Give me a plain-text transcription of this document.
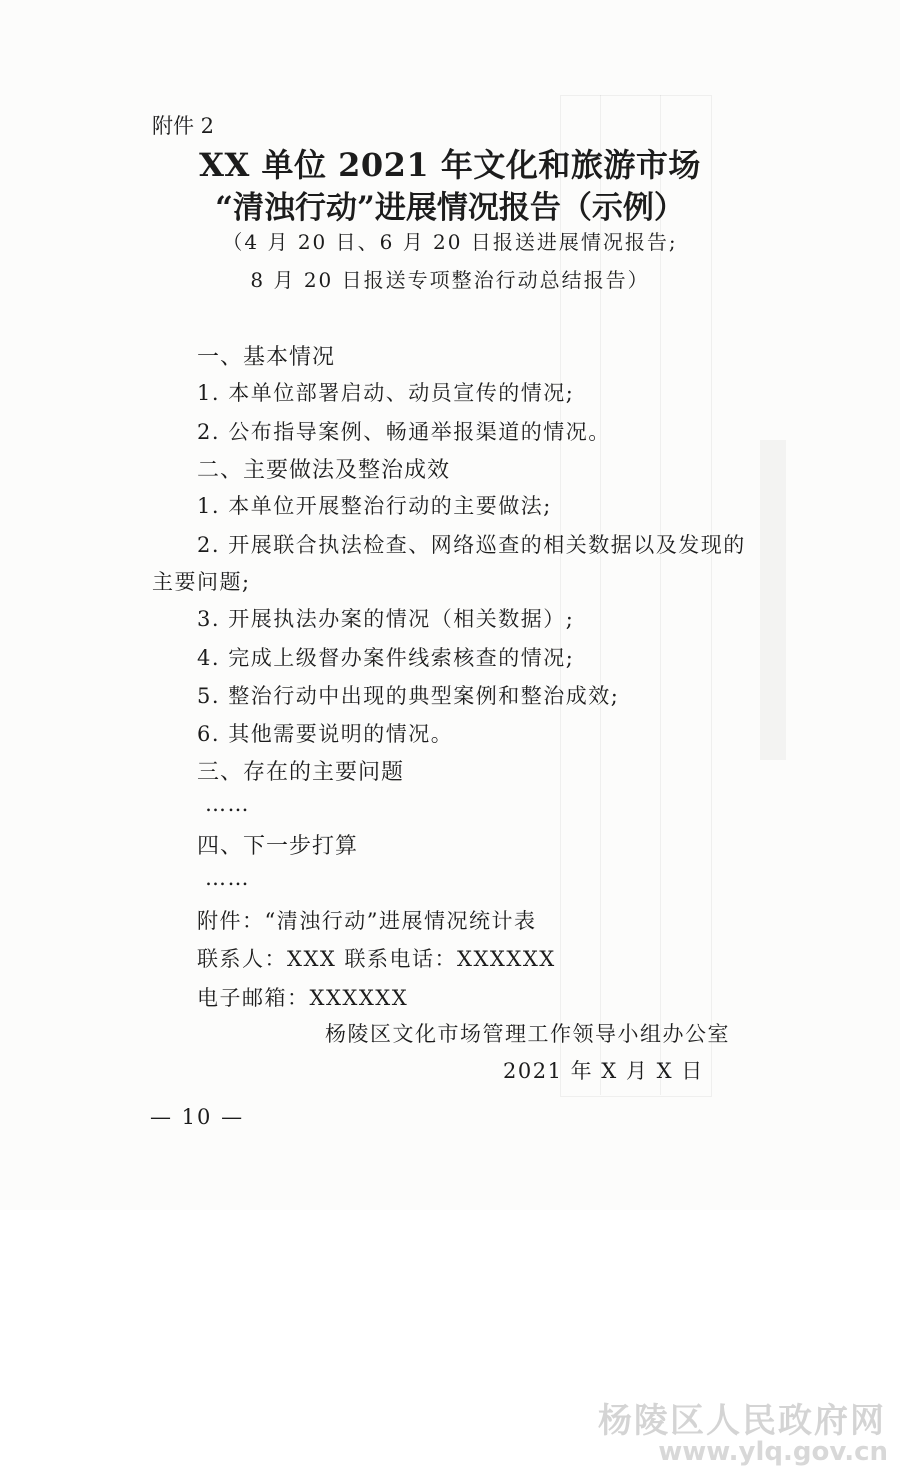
附件 2
XX 单位 2021 年文化和旅游市场
“清浊行动”进展情况报告（示例）
（4 月 20 日、6 月 20 日报送进展情况报告;
8 月 20 日报送专项整治行动总结报告）
一、基本情况
1. 本单位部署启动、动员宣传的情况;
2. 公布指导案例、畅通举报渠道的情况。
二、主要做法及整治成效
1. 本单位开展整治行动的主要做法;
2. 开展联合执法检查、网络巡查的相关数据以及发现的
主要问题;
3. 开展执法办案的情况（相关数据）;
4. 完成上级督办案件线索核查的情况;
5. 整治行动中出现的典型案例和整治成效;
6. 其他需要说明的情况。
三、存在的主要问题
……
四、下一步打算
……
附件：“清浊行动”进展情况统计表
联系人：XXX 联系电话：XXXXXX
电子邮箱：XXXXXX
杨陵区文化市场管理工作领导小组办公室
2021 年 X 月 X 日
— 10 —
杨陵区人民政府网
www.ylq.gov.cn
